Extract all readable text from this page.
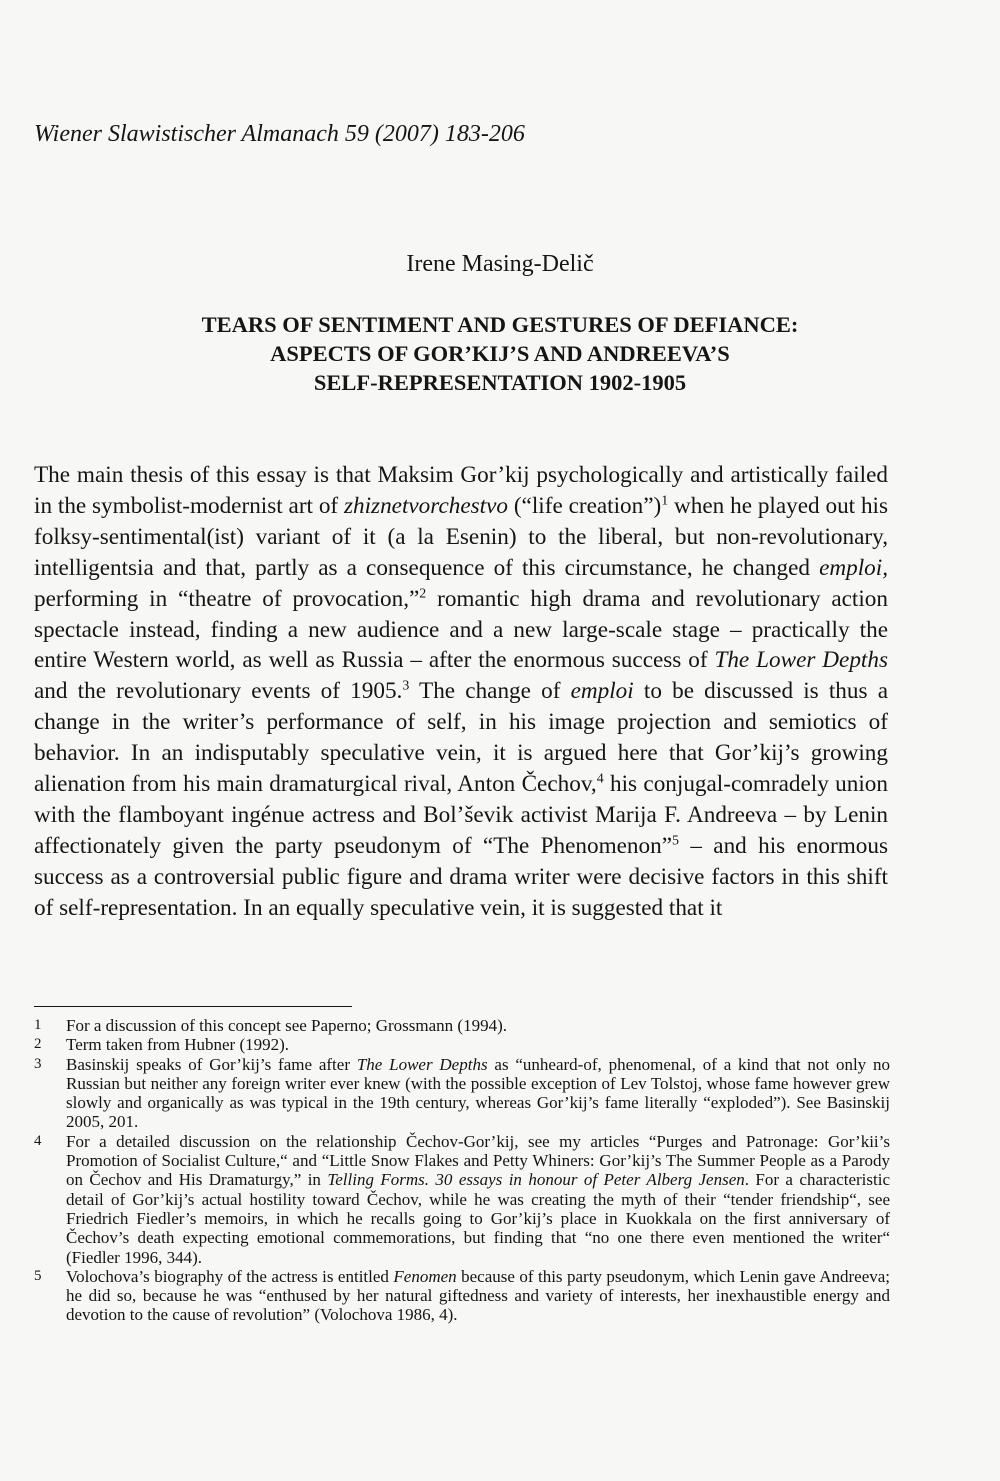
Wiener Slawistischer Almanach 59 (2007) 183-206
Irene Masing-Delič
TEARS OF SENTIMENT AND GESTURES OF DEFIANCE:
ASPECTS OF GOR’KIJ’S AND ANDREEVA’S
SELF-REPRESENTATION 1902-1905
The main thesis of this essay is that Maksim Gor’kij psychologically and artistically failed in the symbolist-modernist art of zhiznetvorchestvo (“life creation”)$^1$ when he played out his folksy-sentimental(ist) variant of it (a la Esenin) to the liberal, but non-revolutionary, intelligentsia and that, partly as a consequence of this circumstance, he changed emploi, performing in “theatre of provocation,”$^2$ romantic high drama and revolutionary action spectacle instead, finding a new audience and a new large-scale stage – practically the entire Western world, as well as Russia – after the enormous success of The Lower Depths and the revolutionary events of 1905.$^3$ The change of emploi to be discussed is thus a change in the writer’s performance of self, in his image projection and semiotics of behavior. In an indisputably speculative vein, it is argued here that Gor’kij’s growing alienation from his main dramaturgical rival, Anton Čechov,$^4$ his conjugal-comradely union with the flamboyant ingénue actress and Bol’ševik activist Marija F. Andreeva – by Lenin affectionately given the party pseudonym of “The Phenomenon”$^5$ – and his enormous success as a controversial public figure and drama writer were decisive factors in this shift of self-representation. In an equally speculative vein, it is suggested that it
1 For a discussion of this concept see Paperno; Grossmann (1994).
2 Term taken from Hubner (1992).
3 Basinskij speaks of Gor’kij’s fame after The Lower Depths as “unheard-of, phenomenal, of a kind that not only no Russian but neither any foreign writer ever knew (with the possible exception of Lev Tolstoj, whose fame however grew slowly and organically as was typical in the 19th century, whereas Gor’kij’s fame literally “exploded”). See Basinskij 2005, 201.
4 For a detailed discussion on the relationship Čechov-Gor’kij, see my articles “Purges and Patronage: Gor’kii’s Promotion of Socialist Culture,“ and “Little Snow Flakes and Petty Whiners: Gor’kij’s The Summer People as a Parody on Čechov and His Dramaturgy,” in Telling Forms. 30 essays in honour of Peter Alberg Jensen. For a characteristic detail of Gor’kij’s actual hostility toward Čechov, while he was creating the myth of their “tender friendship“, see Friedrich Fiedler’s memoirs, in which he recalls going to Gor’kij’s place in Kuokkala on the first anniversary of Čechov’s death expecting emotional commemorations, but finding that “no one there even mentioned the writer“ (Fiedler 1996, 344).
5 Volochova’s biography of the actress is entitled Fenomen because of this party pseudonym, which Lenin gave Andreeva; he did so, because he was “enthused by her natural giftedness and variety of interests, her inexhaustible energy and devotion to the cause of revolution” (Volochova 1986, 4).
